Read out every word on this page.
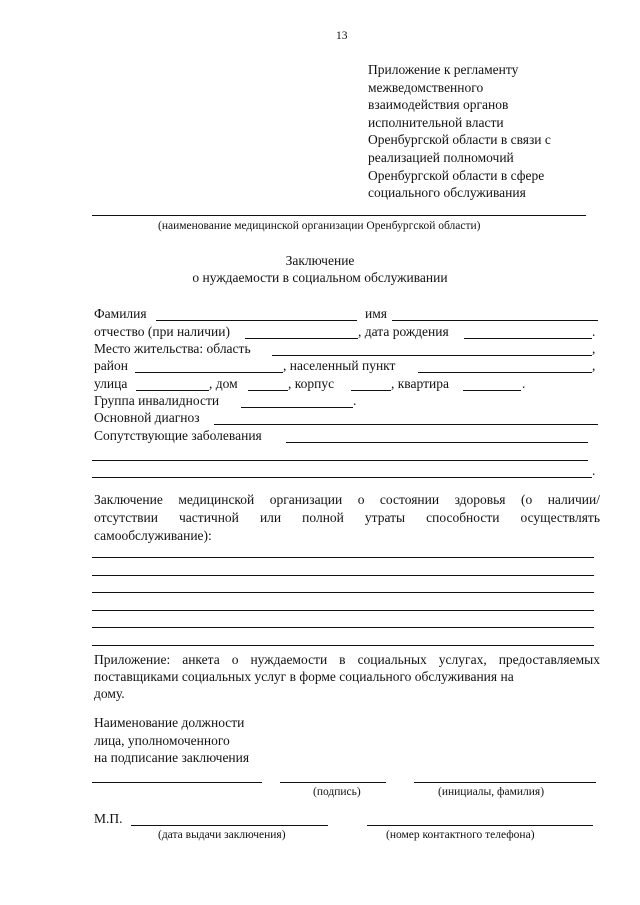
13
Приложение к регламенту
межведомственного
взаимодействия органов
исполнительной власти
Оренбургской области в связи с
реализацией полномочий
Оренбургской области в сфере
социального обслуживания
(наименование медицинской организации Оренбургской области)
Заключение
о нуждаемости в социальном обслуживании
Фамилия	имя
отчество (при наличии)	, дата рождения	.
Место жительства: область	,
район	, населенный пункт	,
улица	, дом	, корпус	, квартира	.
Группа инвалидности	.
Основной диагноз
Сопутствующие заболевания
.
Заключение медицинской организации о состоянии здоровья (о наличии/
отсутствии частичной или полной утраты способности осуществлять
самообслуживание):
Приложение: анкета о нуждаемости в социальных услугах, предоставляемых
поставщиками социальных услуг в форме социального обслуживания на
дому.
Наименование должности
лица, уполномоченного
на подписание заключения
(подпись)	(инициалы, фамилия)
М.П.
(дата выдачи заключения)	(номер контактного телефона)
